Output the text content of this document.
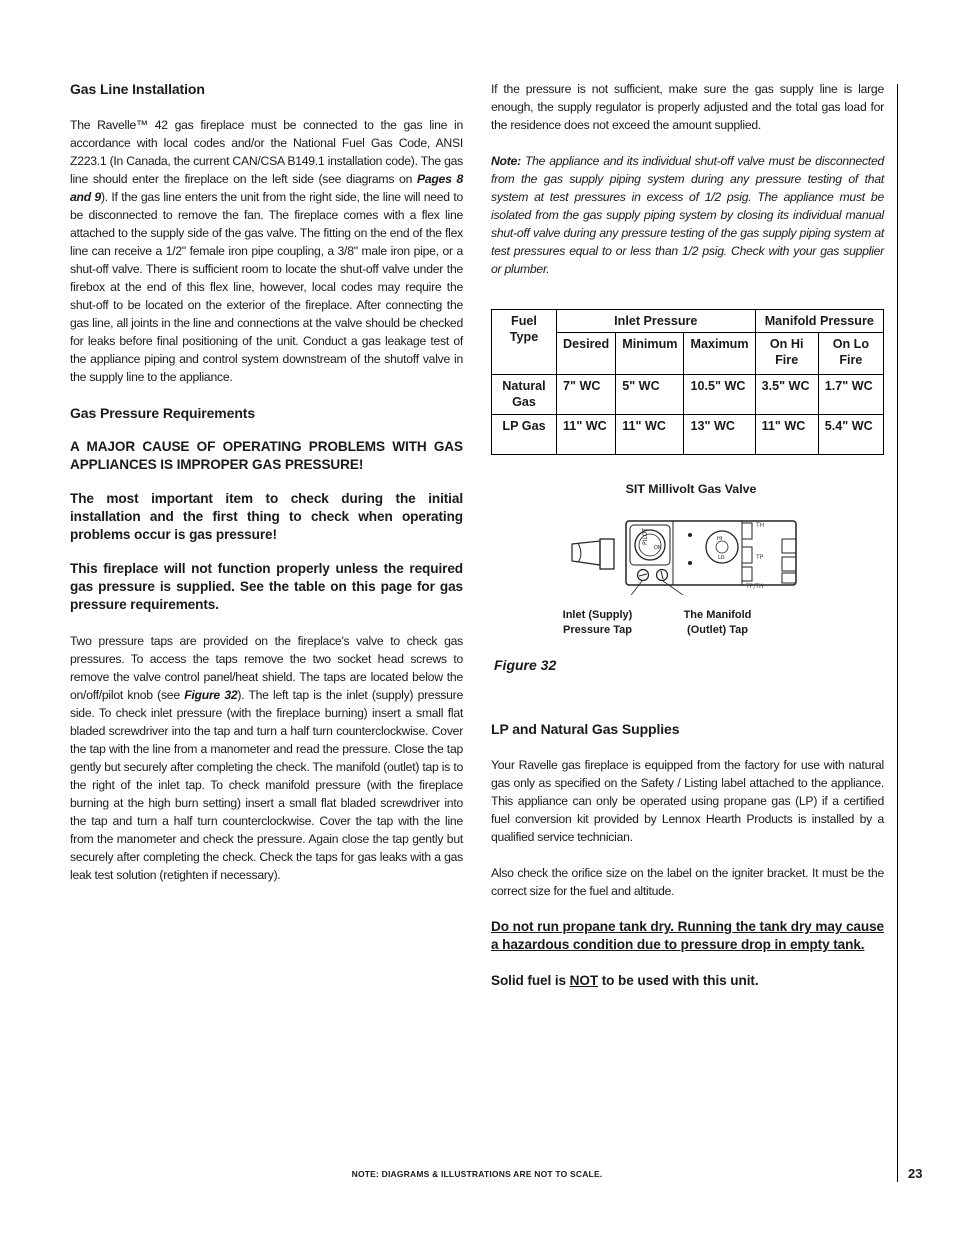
Gas Line Installation

The Ravelle™ 42 gas fireplace must be connected to the gas line in accordance with local codes and/or the National Fuel Gas Code, ANSI Z223.1 (In Canada, the current CAN/CSA B149.1 installation code). The gas line should enter the fireplace on the left side (see diagrams on Pages 8 and 9). If the gas line enters the unit from the right side, the line will need to be disconnected to remove the fan. The fireplace comes with a flex line attached to the supply side of the gas valve. The fitting on the end of the flex line can receive a 1/2" female iron pipe coupling, a 3/8" male iron pipe, or a shut-off valve. There is sufficient room to locate the shut-off valve under the firebox at the end of this flex line, however, local codes may require the shut-off to be located on the exterior of the fireplace. After connecting the gas line, all joints in the line and connections at the valve should be checked for leaks before final positioning of the unit. Conduct a gas leakage test of the appliance piping and control system downstream of the shutoff valve in the supply line to the appliance.

Gas Pressure Requirements

A MAJOR CAUSE OF OPERATING PROBLEMS WITH GAS APPLIANCES IS IMPROPER GAS PRESSURE!

The most important item to check during the initial installation and the first thing to check when operating problems occur is gas pressure!

This fireplace will not function properly unless the required gas pressure is supplied. See the table on this page for gas pressure requirements.

Two pressure taps are provided on the fireplace's valve to check gas pressures. To access the taps remove the two socket head screws to remove the valve control panel/heat shield. The taps are located below the on/off/pilot knob (see Figure 32). The left tap is the inlet (supply) pressure side. To check inlet pressure (with the fireplace burning) insert a small flat bladed screwdriver into the tap and turn a half turn counterclockwise. Cover the tap with the line from a manometer and read the pressure. Close the tap gently but securely after completing the check. The manifold (outlet) tap is to the right of the inlet tap. To check manifold pressure (with the fireplace burning at the high burn setting) insert a small flat bladed screwdriver into the tap and turn a half turn counterclockwise. Cover the tap with the line from the manometer and check the pressure. Again close the tap gently but securely after completing the check. Check the taps for gas leaks with a gas leak test solution (retighten if necessary).

If the pressure is not sufficient, make sure the gas supply line is large enough, the supply regulator is properly adjusted and the total gas load for the residence does not exceed the amount supplied.

Note: The appliance and its individual shut-off valve must be disconnected from the gas supply piping system during any pressure testing of that system at test pressures in excess of 1/2 psig. The appliance must be isolated from the gas supply piping system by closing its individual manual shut-off valve during any pressure testing of the gas supply piping system at test pressures equal to or less than 1/2 psig. Check with your gas supplier or plumber.

Fuel Type	Inlet Pressure			Manifold Pressure	
	Desired	Minimum	Maximum	On Hi Fire	On Lo Fire
Natural Gas	7" WC	5" WC	10.5" WC	3.5" WC	1.7" WC
LP Gas	11" WC	11" WC	13" WC	11" WC	5.4" WC
SIT Millivolt Gas Valve
PILOT
ON
HI
LO
TH
TP
TP/TH
Inlet (Supply) Pressure Tap
The Manifold (Outlet) Tap
Figure 32
LP and Natural Gas Supplies

Your Ravelle gas fireplace is equipped from the factory for use with natural gas only as specified on the Safety / Listing label attached to the appliance. This appliance can only be operated using propane gas (LP) if a certified fuel conversion kit provided by Lennox Hearth Products is installed by a qualified service technician.

Also check the orifice size on the label on the igniter bracket. It must be the correct size for the fuel and altitude.

Do not run propane tank dry. Running the tank dry may cause a hazardous condition due to pressure drop in empty tank.

Solid fuel is NOT to be used with this unit.

NOTE: DIAGRAMS & ILLUSTRATIONS ARE NOT TO SCALE.	23
